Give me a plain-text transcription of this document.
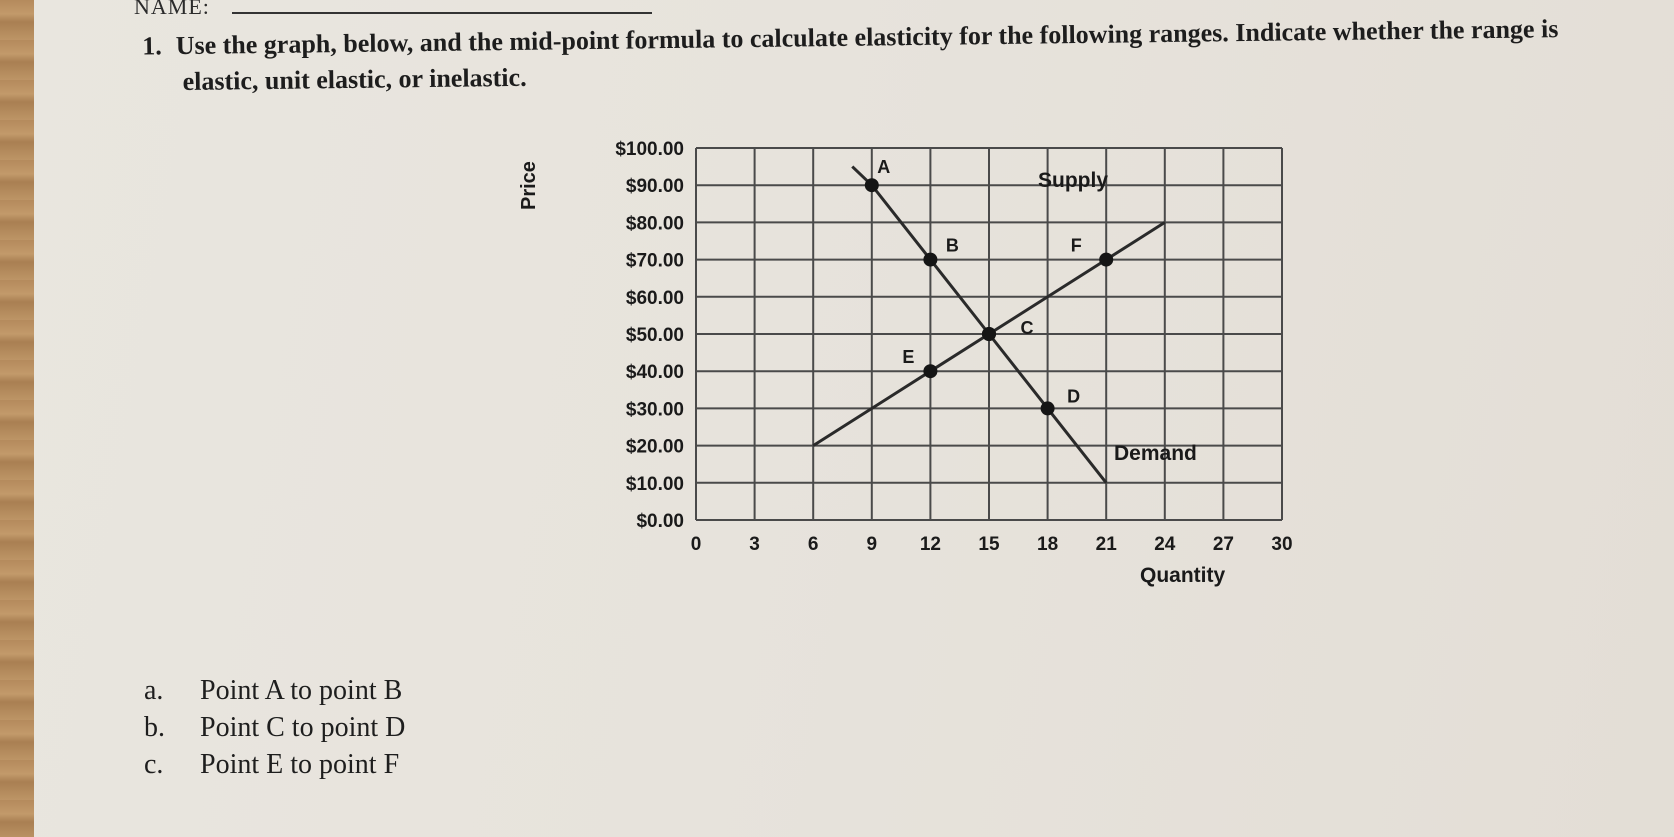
NAME:
1. Use the graph, below, and the mid-point formula to calculate elasticity for the following ranges. Indicate whether the range is elastic, unit elastic, or inelastic.
$100.00
$90.00
$80.00
$70.00
$60.00
$50.00
$40.00
$30.00
$20.00
$10.00
$0.00
0	3	6	9 12 15 18 21 24 27 30
A
B
C
D
E
F
Price
Quantity
Demand
Supply
a.	Point A to point B
b.	Point C to point D
c.	Point E to point F
